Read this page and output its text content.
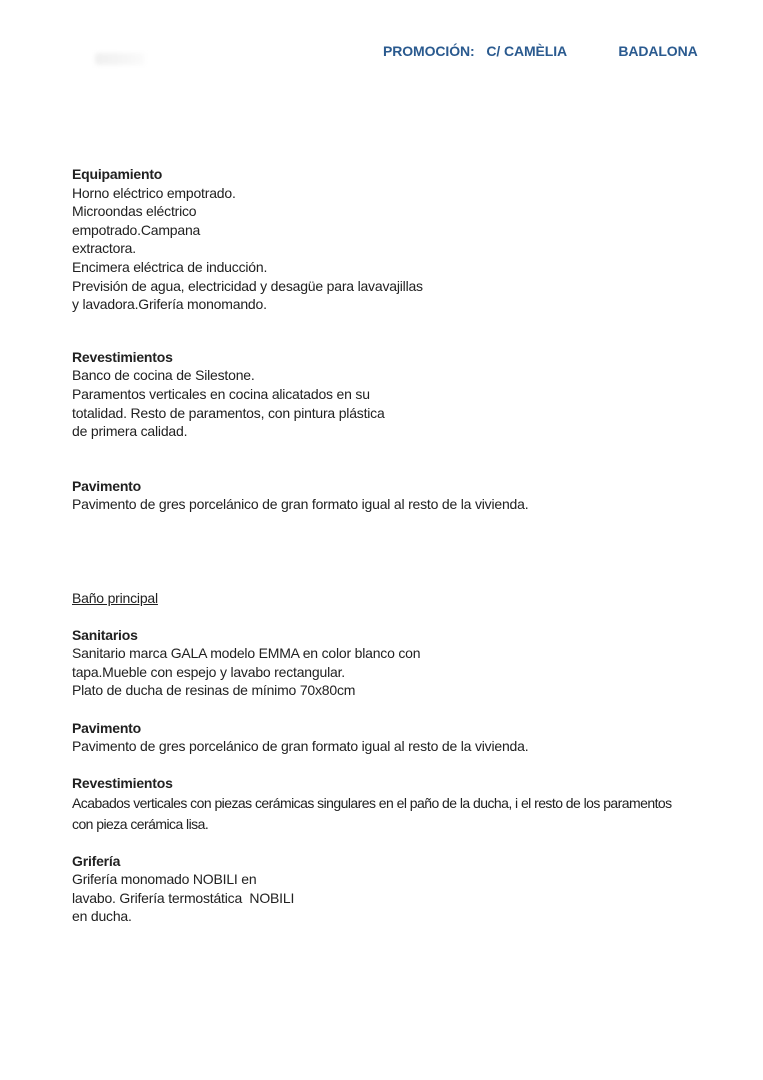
PROMOCIÓN: C/ CAMÈLIA	BADALONA
Equipamiento
Horno eléctrico empotrado.
Microondas eléctrico
empotrado.Campana
extractora.
Encimera eléctrica de inducción.
Previsión de agua, electricidad y desagüe para lavavajillas
y lavadora.Grifería monomando.
Revestimientos
Banco de cocina de Silestone.
Paramentos verticales en cocina alicatados en su
totalidad. Resto de paramentos, con pintura plástica
de primera calidad.
Pavimento
Pavimento de gres porcelánico de gran formato igual al resto de la vivienda.
Baño principal
Sanitarios
Sanitario marca GALA modelo EMMA en color blanco con
tapa.Mueble con espejo y lavabo rectangular.
Plato de ducha de resinas de mínimo 70x80cm
Pavimento
Pavimento de gres porcelánico de gran formato igual al resto de la vivienda.
Revestimientos
Acabados verticales con piezas cerámicas singulares en el paño de la ducha, i el resto de los paramentos
con pieza cerámica lisa.
Grifería
Grifería monomado NOBILI en
lavabo. Grifería termostática  NOBILI
en ducha.
